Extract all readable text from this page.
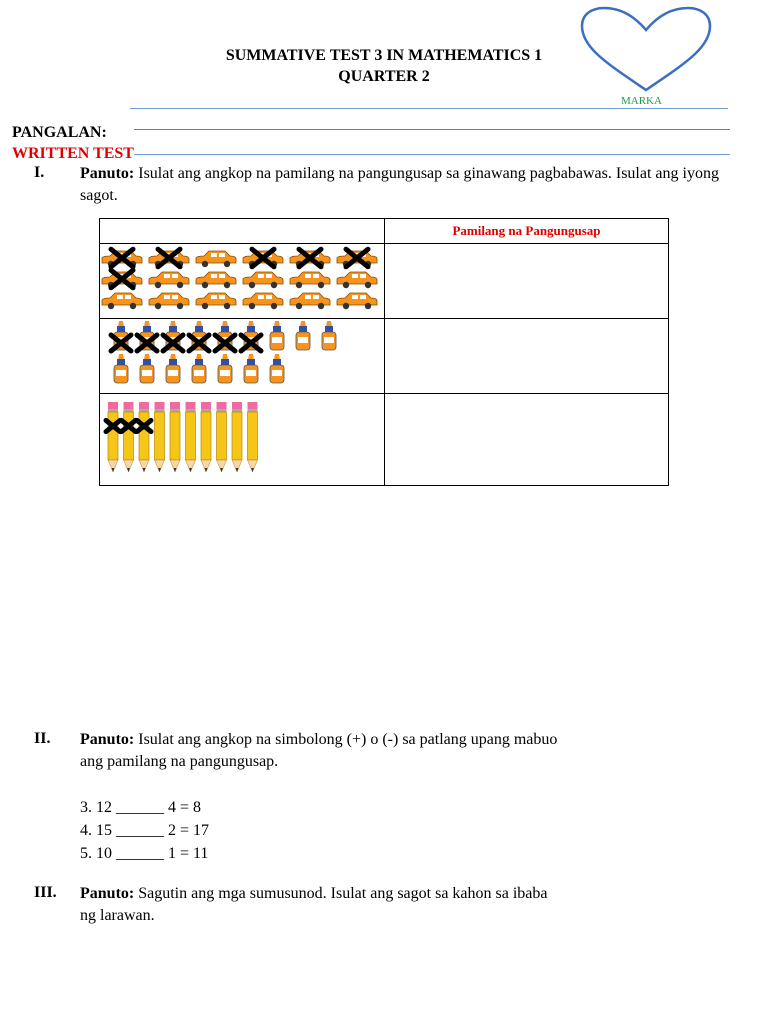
SUMMATIVE TEST 3 IN MATHEMATICS 1
QUARTER 2
MARKA
PANGALAN:
WRITTEN TEST
I. Panuto: Isulat ang angkop na pamilang na pangungusap sa ginawang pagbabawas. Isulat ang iyong sagot.
	Pamilang na Pangungusap

II. Panuto: Isulat ang angkop na simbolong (+) o (-) sa patlang upang mabuo ang pamilang na pangungusap.
3. 12 ______ 4 = 8
4. 15 ______ 2 = 17
5. 10 ______ 1 = 11
III. Panuto: Sagutin ang mga sumusunod. Isulat ang sagot sa kahon sa ibaba ng larawan.
